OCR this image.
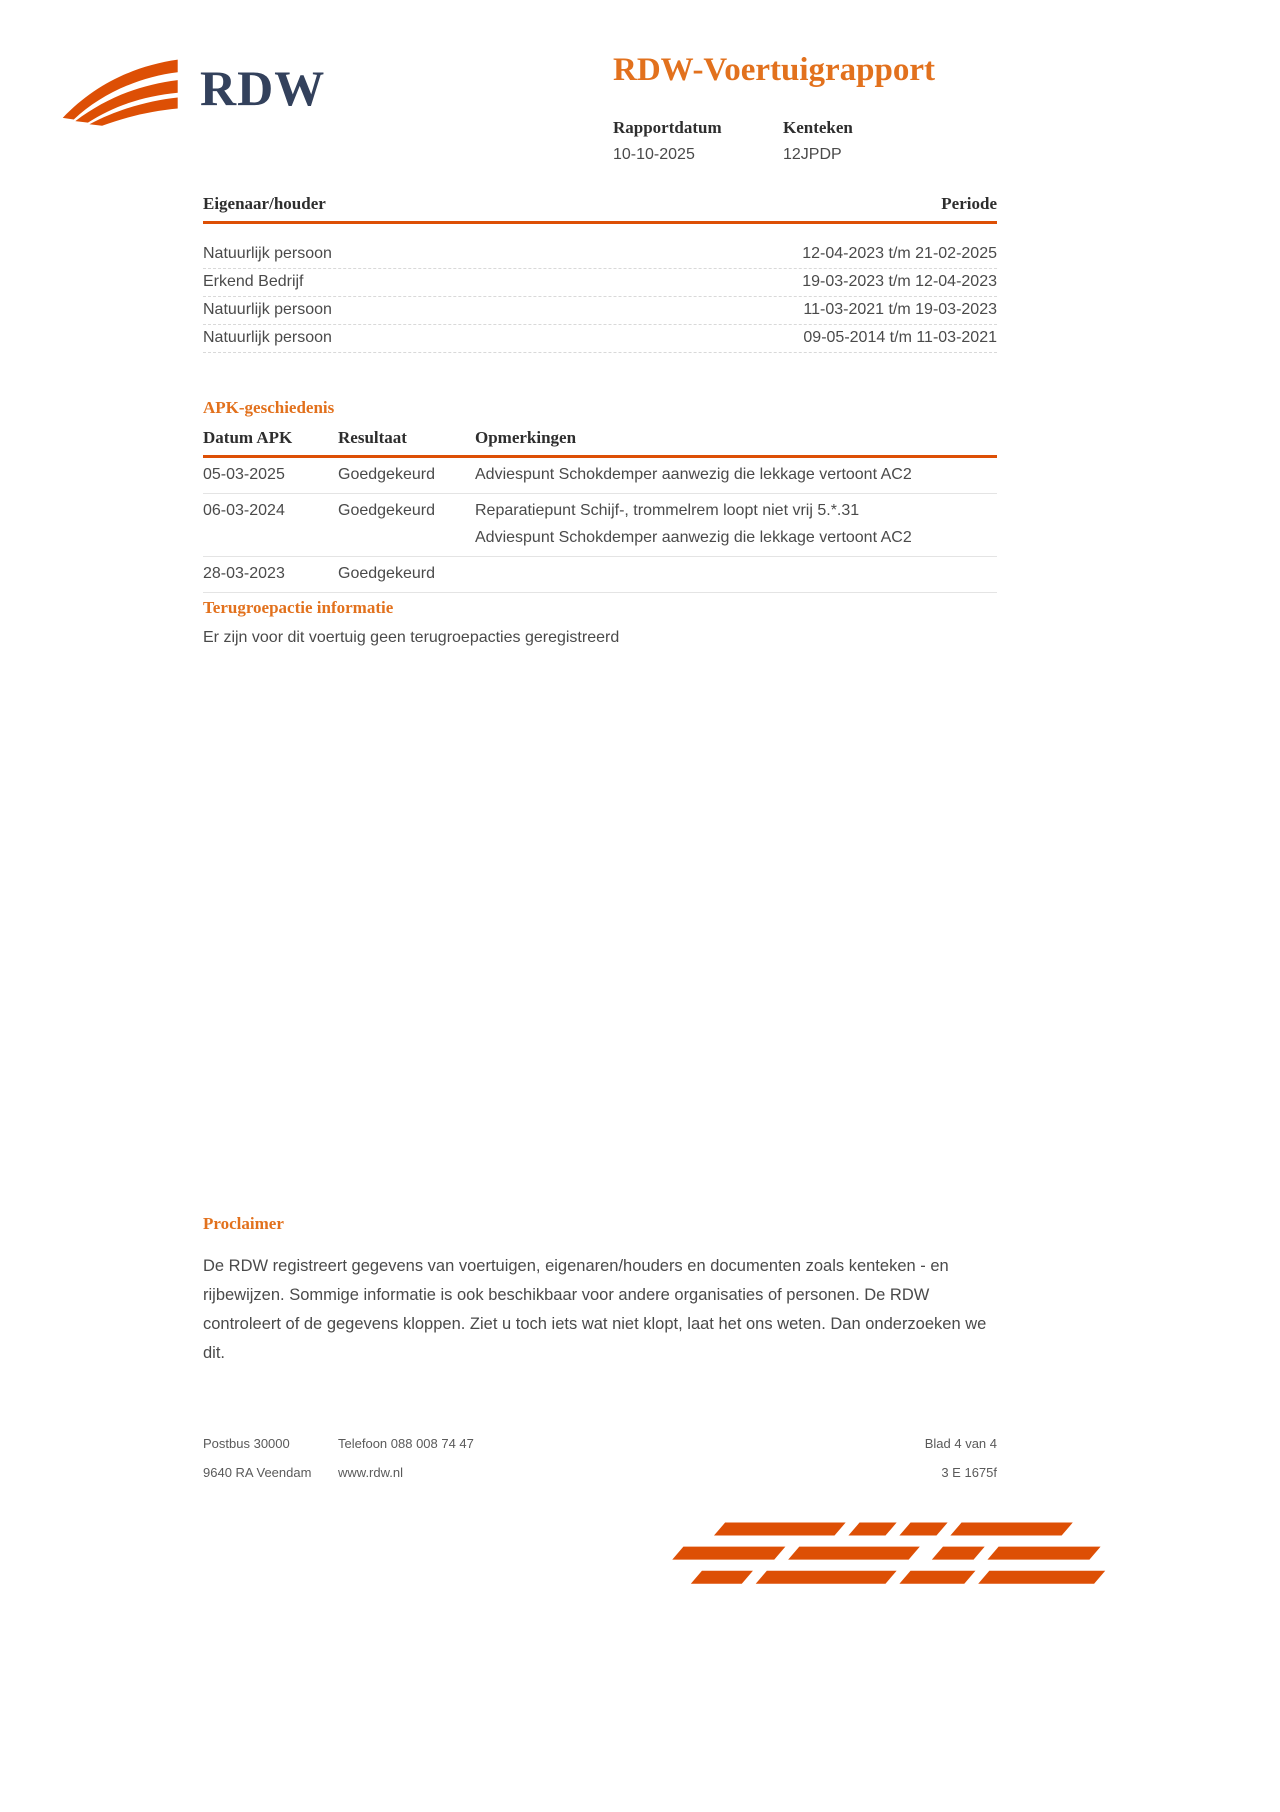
RDW	RDW-Voertuigrapport
Rapportdatum
10-10-2025
Kenteken
12JPDP
Eigenaar/houder	Periode
Natuurlijk persoon	12-04-2023 t/m 21-02-2025
Erkend Bedrijf	19-03-2023 t/m 12-04-2023
Natuurlijk persoon	11-03-2021 t/m 19-03-2023
Natuurlijk persoon	09-05-2014 t/m 11-03-2021
APK-geschiedenis
Datum APK	Resultaat	Opmerkingen
05-03-2025	Goedgekeurd	Adviespunt Schokdemper aanwezig die lekkage vertoont AC2
06-03-2024	Goedgekeurd	Reparatiepunt Schijf-, trommelrem loopt niet vrij 5.*.31
Adviespunt Schokdemper aanwezig die lekkage vertoont AC2
28-03-2023	Goedgekeurd
Terugroepactie informatie
Er zijn voor dit voertuig geen terugroepacties geregistreerd
Proclaimer
De RDW registreert gegevens van voertuigen, eigenaren/houders en documenten zoals kenteken - en rijbewijzen. Sommige informatie is ook beschikbaar voor andere organisaties of personen. De RDW controleert of de gegevens kloppen. Ziet u toch iets wat niet klopt, laat het ons weten. Dan onderzoeken we dit.
Postbus 30000	Telefoon 088 008 74 47	Blad 4 van 4
9640 RA Veendam	www.rdw.nl	3 E 1675f
